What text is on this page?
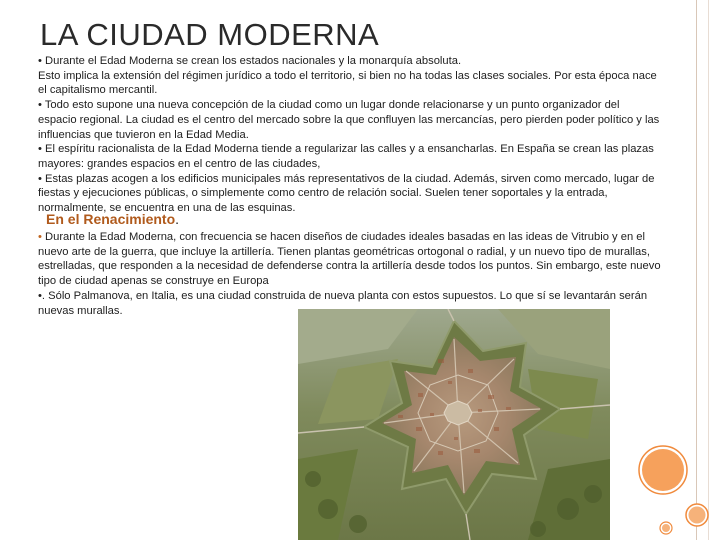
LA CIUDAD MODERNA
• Durante el Edad Moderna se crean los estados nacionales y la monarquía absoluta.
Esto implica la extensión del régimen jurídico a todo el territorio, si bien no ha todas las clases sociales. Por esta época nace el capitalismo mercantil.
• Todo esto supone una nueva concepción de la ciudad como un lugar donde relacionarse y un punto organizador del espacio regional. La ciudad es el centro del mercado sobre la que confluyen las mercancías, pero pierden poder político y las influencias que tuvieron en la Edad Media.
• El espíritu racionalista de la Edad Moderna tiende a regularizar las calles y a ensancharlas. En España se crean las plazas mayores: grandes espacios en el centro de las ciudades,
• Estas plazas acogen a los edificios municipales más representativos de la ciudad. Además, sirven como mercado, lugar de fiestas y ejecuciones públicas, o simplemente como centro de relación social. Suelen tener soportales y la entrada, normalmente, se encuentra en una de las esquinas.
En el Renacimiento.
• Durante la Edad Moderna, con frecuencia se hacen diseños de ciudades ideales basadas en las ideas de Vitrubio y en el nuevo arte de la guerra, que incluye la artillería. Tienen plantas geométricas ortogonal o radial, y un nuevo tipo de murallas, estrelladas, que responden a la necesidad de defenderse contra la artillería desde todos los puntos. Sin embargo, este nuevo tipo de ciudad apenas se construye en Europa
•. Sólo Palmanova, en Italia, es una ciudad construida de nueva planta con estos supuestos. Lo que sí se levantarán serán nuevas murallas.
